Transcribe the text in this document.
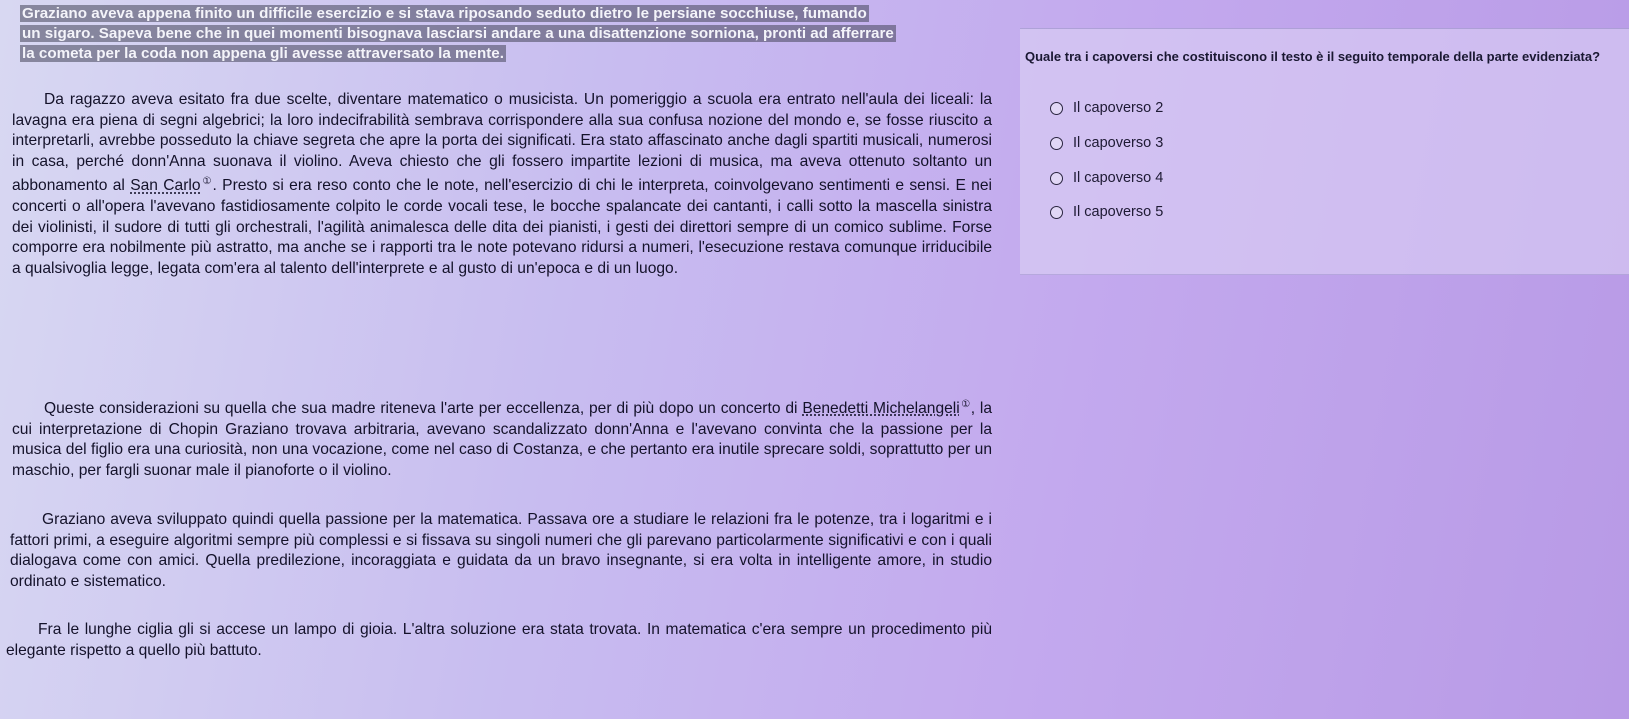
Graziano aveva appena finito un difficile esercizio e si stava riposando seduto dietro le persiane socchiuse, fumando
un sigaro. Sapeva bene che in quei momenti bisognava lasciarsi andare a una disattenzione sorniona, pronti ad afferrare
la cometa per la coda non appena gli avesse attraversato la mente.

Da ragazzo aveva esitato fra due scelte, diventare matematico o musicista. Un pomeriggio a scuola era entrato nell'aula dei liceali: la lavagna era piena di segni algebrici; la loro indecifrabilità sembrava corrispondere alla sua confusa nozione del mondo e, se fosse riuscito a interpretarli, avrebbe posseduto la chiave segreta che apre la porta dei significati. Era stato affascinato anche dagli spartiti musicali, numerosi in casa, perché donn'Anna suonava il violino. Aveva chiesto che gli fossero impartite lezioni di musica, ma aveva ottenuto soltanto un abbonamento al San Carlo①. Presto si era reso conto che le note, nell'esercizio di chi le interpreta, coinvolgevano sentimenti e sensi. E nei concerti o all'opera l'avevano fastidiosamente colpito le corde vocali tese, le bocche spalancate dei cantanti, i calli sotto la mascella sinistra dei violinisti, il sudore di tutti gli orchestrali, l'agilità animalesca delle dita dei pianisti, i gesti dei direttori sempre di un comico sublime. Forse comporre era nobilmente più astratto, ma anche se i rapporti tra le note potevano ridursi a numeri, l'esecuzione restava comunque irriducibile a qualsivoglia legge, legata com'era al talento dell'interprete e al gusto di un'epoca e di un luogo.

Queste considerazioni su quella che sua madre riteneva l'arte per eccellenza, per di più dopo un concerto di Benedetti Michelangeli①, la cui interpretazione di Chopin Graziano trovava arbitraria, avevano scandalizzato donn'Anna e l'avevano convinta che la passione per la musica del figlio era una curiosità, non una vocazione, come nel caso di Costanza, e che pertanto era inutile sprecare soldi, soprattutto per un maschio, per fargli suonar male il pianoforte o il violino.

Graziano aveva sviluppato quindi quella passione per la matematica. Passava ore a studiare le relazioni fra le potenze, tra i logaritmi e i fattori primi, a eseguire algoritmi sempre più complessi e si fissava su singoli numeri che gli parevano particolarmente significativi e con i quali dialogava come con amici. Quella predilezione, incoraggiata e guidata da un bravo insegnante, si era volta in intelligente amore, in studio ordinato e sistematico.

Fra le lunghe ciglia gli si accese un lampo di gioia. L'altra soluzione era stata trovata. In matematica c'era sempre un procedimento più elegante rispetto a quello più battuto.

Quale tra i capoversi che costituiscono il testo è il seguito temporale della parte evidenziata?
Il capoverso 2
Il capoverso 3
Il capoverso 4
Il capoverso 5
